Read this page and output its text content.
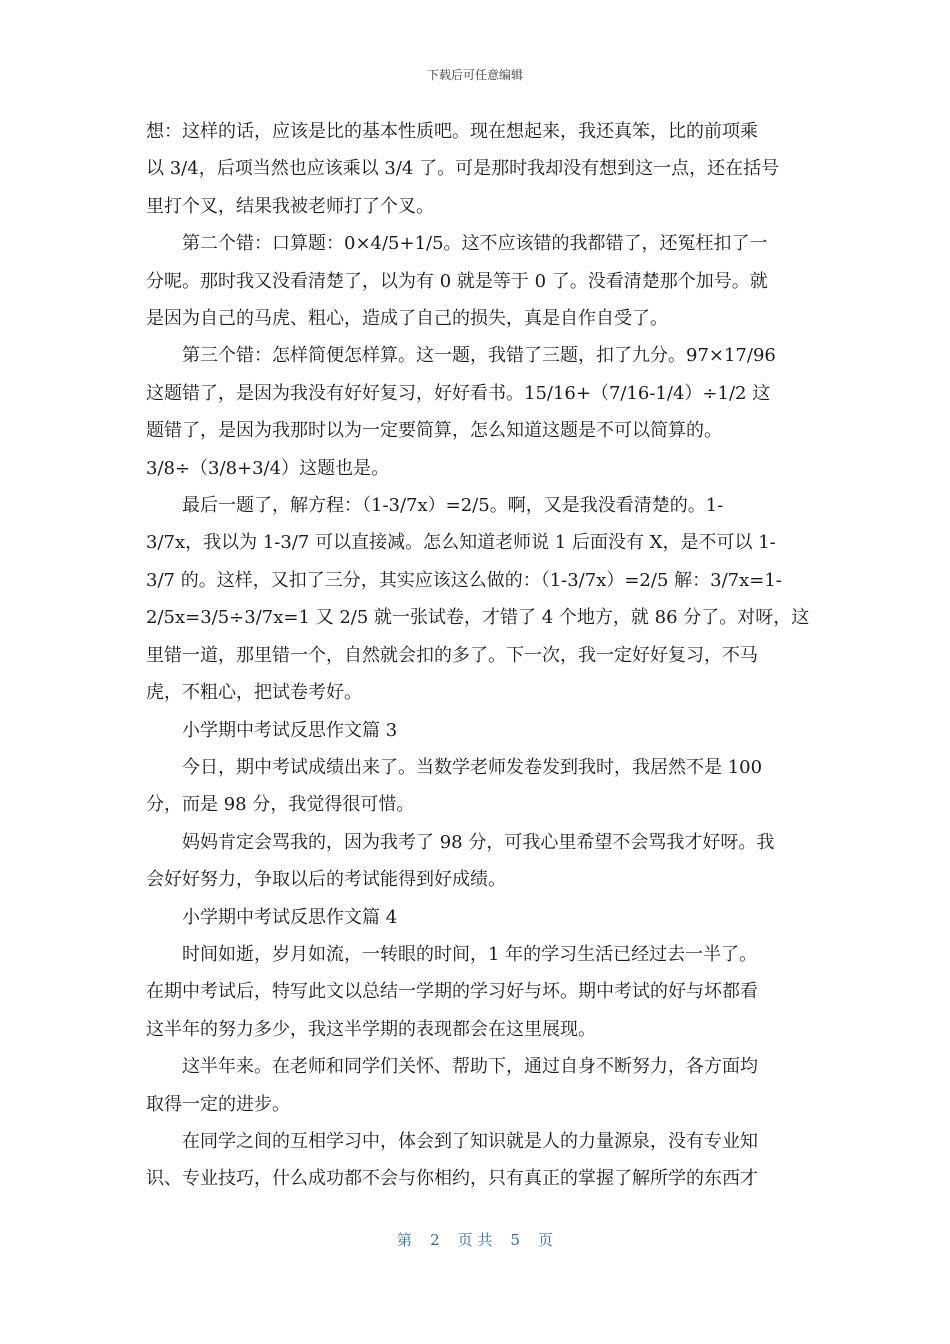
下载后可任意编辑

想：这样的话，应该是比的基本性质吧。现在想起来，我还真笨，比的前项乘

以 3/4，后项当然也应该乘以 3/4 了。可是那时我却没有想到这一点，还在括号

里打个叉，结果我被老师打了个叉。

第二个错：口算题：0×4/5+1/5。这不应该错的我都错了，还冤枉扣了一

分呢。那时我又没看清楚了，以为有 0 就是等于 0 了。没看清楚那个加号。就

是因为自己的马虎、粗心，造成了自己的损失，真是自作自受了。

第三个错：怎样简便怎样算。这一题，我错了三题，扣了九分。97×17/96

这题错了，是因为我没有好好复习，好好看书。15/16+（7/16-1/4）÷1/2 这

题错了，是因为我那时以为一定要简算，怎么知道这题是不可以简算的。

3/8÷（3/8+3/4）这题也是。

最后一题了，解方程：（1-3/7x）=2/5。啊，又是我没看清楚的。1-

3/7x，我以为 1-3/7 可以直接减。怎么知道老师说 1 后面没有 X，是不可以 1-

3/7 的。这样，又扣了三分，其实应该这么做的：（1-3/7x）=2/5 解：3/7x=1-

2/5x=3/5÷3/7x=1 又 2/5 就一张试卷，才错了 4 个地方，就 86 分了。对呀，这

里错一道，那里错一个，自然就会扣的多了。下一次，我一定好好复习，不马

虎，不粗心，把试卷考好。

小学期中考试反思作文篇 3

今日，期中考试成绩出来了。当数学老师发卷发到我时，我居然不是 100

分，而是 98 分，我觉得很可惜。

妈妈肯定会骂我的，因为我考了 98 分，可我心里希望不会骂我才好呀。我

会好好努力，争取以后的考试能得到好成绩。

小学期中考试反思作文篇 4

时间如逝，岁月如流，一转眼的时间，1 年的学习生活已经过去一半了。

在期中考试后，特写此文以总结一学期的学习好与坏。期中考试的好与坏都看

这半年的努力多少，我这半学期的表现都会在这里展现。

这半年来。在老师和同学们关怀、帮助下，通过自身不断努力，各方面均

取得一定的进步。

在同学之间的互相学习中，体会到了知识就是人的力量源泉，没有专业知

识、专业技巧，什么成功都不会与你相约，只有真正的掌握了解所学的东西才

第 2 页 共 5 页
